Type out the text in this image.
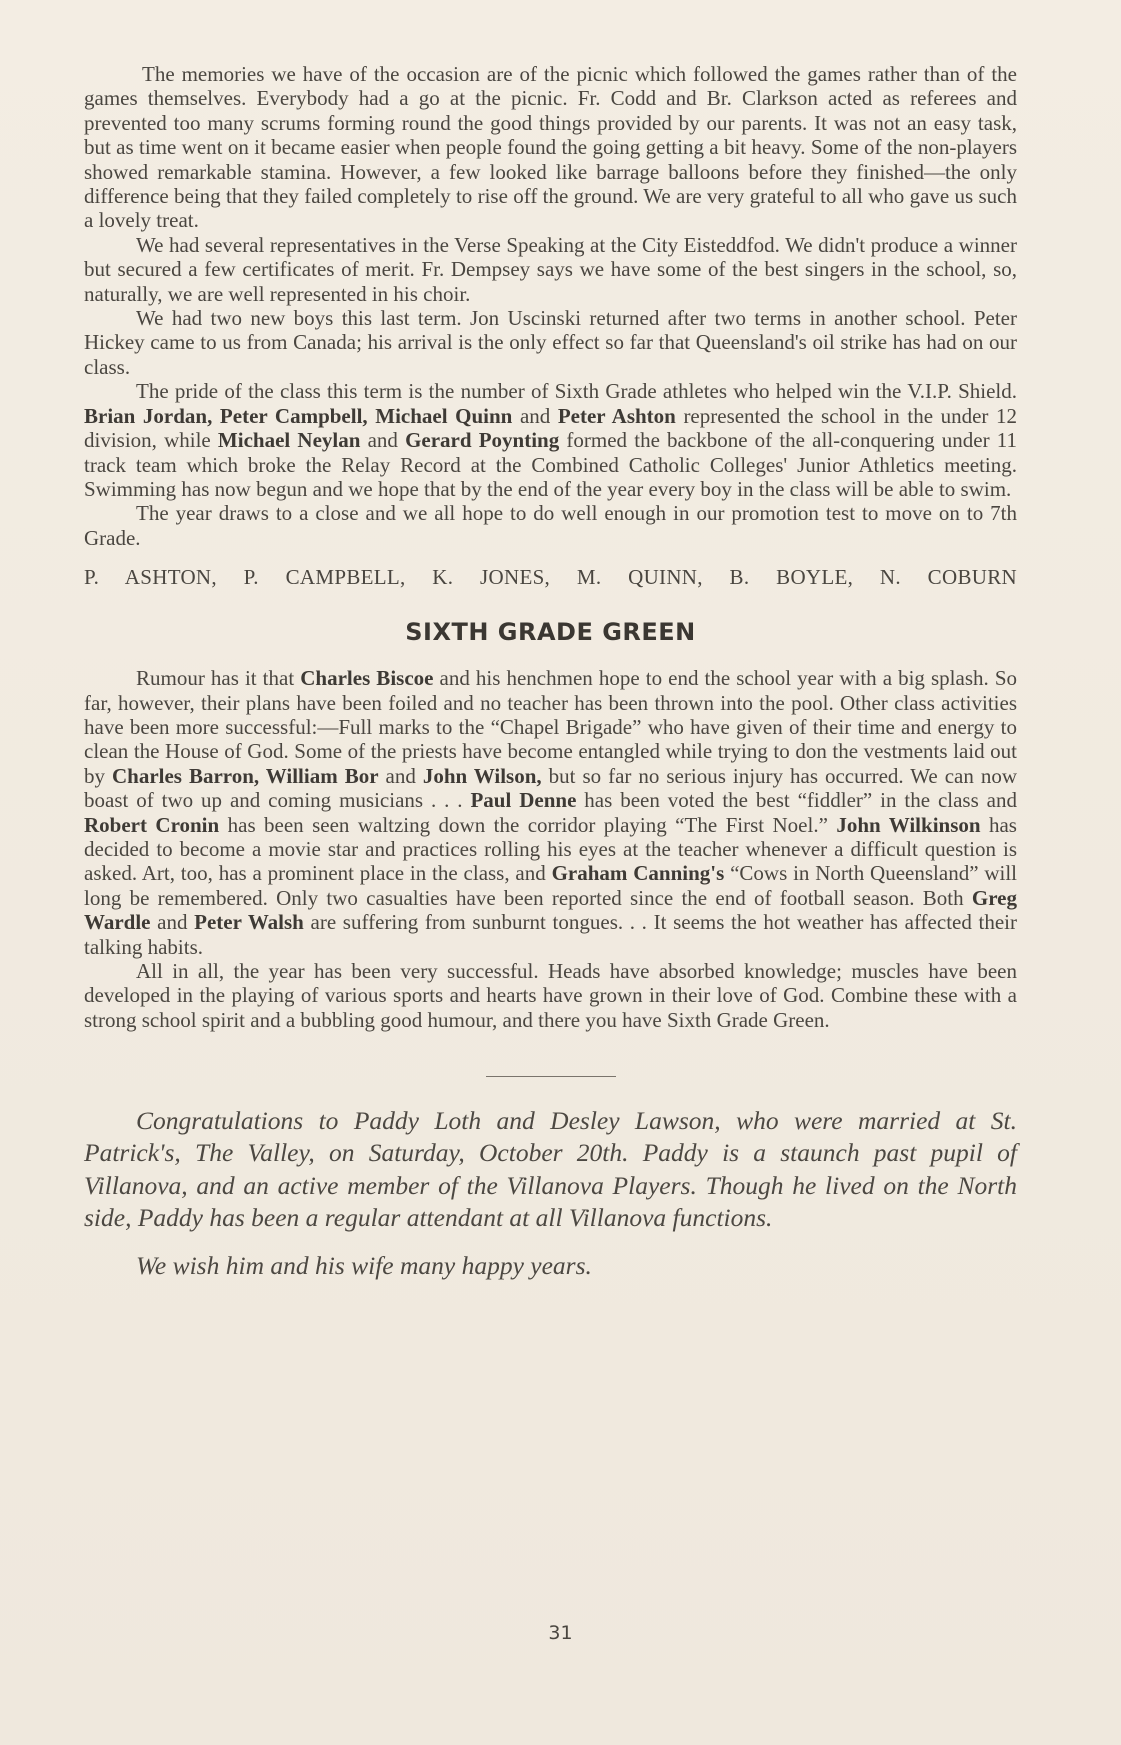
The memories we have of the occasion are of the picnic which followed the games rather than of the games themselves. Everybody had a go at the picnic. Fr. Codd and Br. Clarkson acted as referees and prevented too many scrums forming round the good things provided by our parents. It was not an easy task, but as time went on it became easier when people found the going getting a bit heavy. Some of the non-players showed remarkable stamina. However, a few looked like barrage balloons before they finished—the only difference being that they failed completely to rise off the ground. We are very grateful to all who gave us such a lovely treat.

We had several representatives in the Verse Speaking at the City Eisteddfod. We didn't produce a winner but secured a few certificates of merit. Fr. Dempsey says we have some of the best singers in the school, so, naturally, we are well represented in his choir.

We had two new boys this last term. Jon Uscinski returned after two terms in another school. Peter Hickey came to us from Canada; his arrival is the only effect so far that Queensland's oil strike has had on our class.

The pride of the class this term is the number of Sixth Grade athletes who helped win the V.I.P. Shield. Brian Jordan, Peter Campbell, Michael Quinn and Peter Ashton represented the school in the under 12 division, while Michael Neylan and Gerard Poynting formed the backbone of the all-conquering under 11 track team which broke the Relay Record at the Combined Catholic Colleges' Junior Athletics meeting. Swimming has now begun and we hope that by the end of the year every boy in the class will be able to swim.

The year draws to a close and we all hope to do well enough in our promotion test to move on to 7th Grade.

P. ASHTON, P. CAMPBELL, K. JONES, M. QUINN, B. BOYLE, N. COBURN

SIXTH GRADE GREEN

Rumour has it that Charles Biscoe and his henchmen hope to end the school year with a big splash. So far, however, their plans have been foiled and no teacher has been thrown into the pool. Other class activities have been more successful:—Full marks to the “Chapel Brigade” who have given of their time and energy to clean the House of God. Some of the priests have become entangled while trying to don the vestments laid out by Charles Barron, William Bor and John Wilson, but so far no serious injury has occurred. We can now boast of two up and coming musicians . . . Paul Denne has been voted the best “fiddler” in the class and Robert Cronin has been seen waltzing down the corridor playing “The First Noel.” John Wilkinson has decided to become a movie star and practices rolling his eyes at the teacher whenever a difficult question is asked. Art, too, has a prominent place in the class, and Graham Canning's “Cows in North Queensland” will long be remembered. Only two casualties have been reported since the end of football season. Both Greg Wardle and Peter Walsh are suffering from sunburnt tongues. . . It seems the hot weather has affected their talking habits.

All in all, the year has been very successful. Heads have absorbed knowledge; muscles have been developed in the playing of various sports and hearts have grown in their love of God. Combine these with a strong school spirit and a bubbling good humour, and there you have Sixth Grade Green.

Congratulations to Paddy Loth and Desley Lawson, who were married at St. Patrick's, The Valley, on Saturday, October 20th. Paddy is a staunch past pupil of Villanova, and an active member of the Villanova Players. Though he lived on the North side, Paddy has been a regular attendant at all Villanova functions.

We wish him and his wife many happy years.

31
